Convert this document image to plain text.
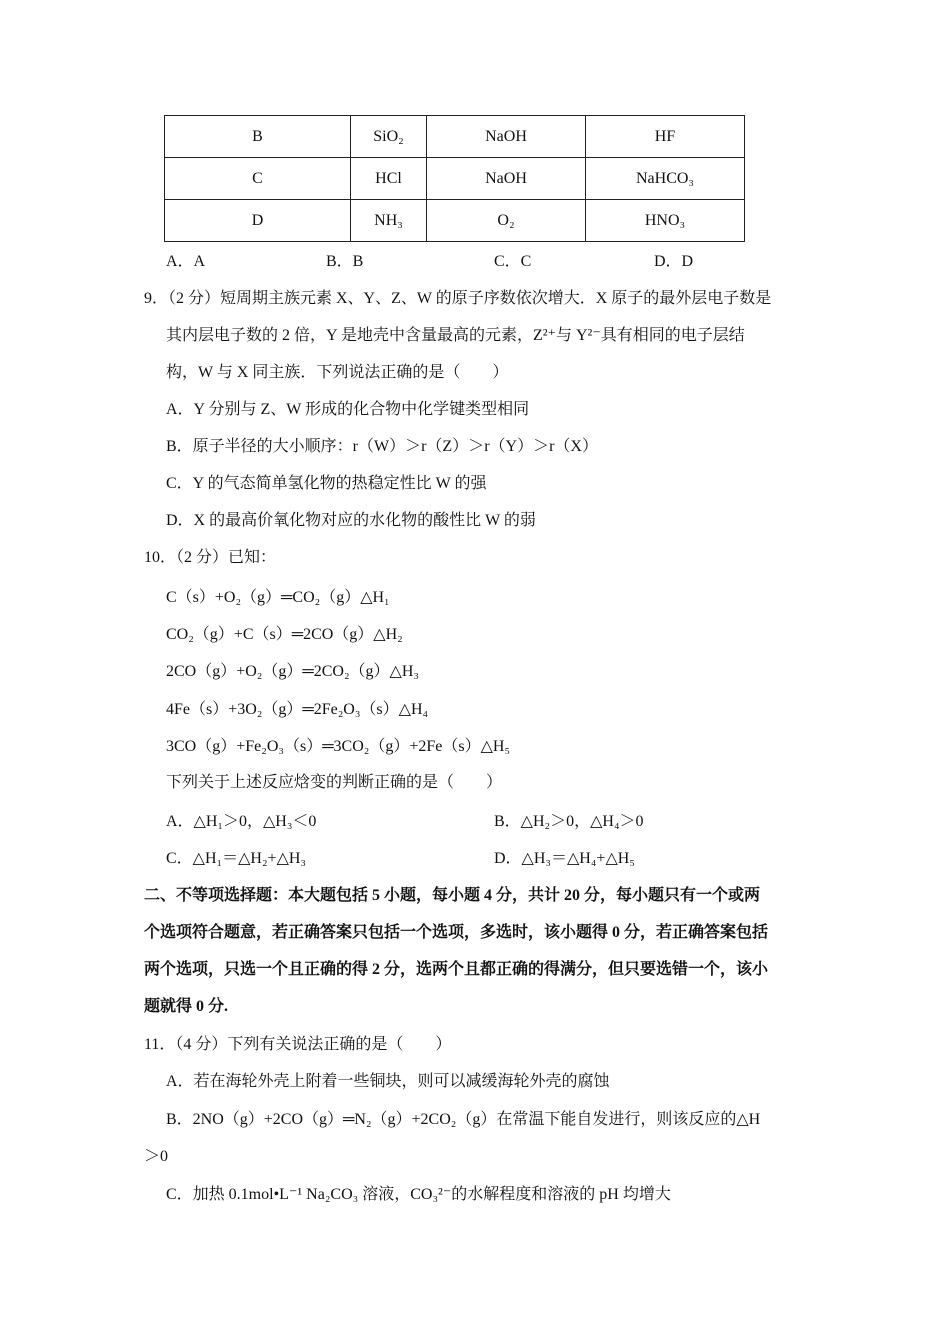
B	SiO₂	NaOH	HF
C	HCl	NaOH	NaHCO₃
D	NH₃	O₂	HNO₃
A．A	B．B	C．C	D．D
9．（2 分）短周期主族元素 X、Y、Z、W 的原子序数依次增大．X 原子的最外层电子数是
其内层电子数的 2 倍，Y 是地壳中含量最高的元素，Z²⁺与 Y²⁻具有相同的电子层结
构，W 与 X 同主族．下列说法正确的是（　　）
A．Y 分别与 Z、W 形成的化合物中化学键类型相同
B．原子半径的大小顺序：r（W）＞r（Z）＞r（Y）＞r（X）
C．Y 的气态简单氢化物的热稳定性比 W 的强
D．X 的最高价氧化物对应的水化物的酸性比 W 的弱
10．（2 分）已知：
C（s）+O₂（g）═CO₂（g）△H₁
CO₂（g）+C（s）═2CO（g）△H₂
2CO（g）+O₂（g）═2CO₂（g）△H₃
4Fe（s）+3O₂（g）═2Fe₂O₃（s）△H₄
3CO（g）+Fe₂O₃（s）═3CO₂（g）+2Fe（s）△H₅
下列关于上述反应焓变的判断正确的是（　　）
A．△H₁＞0，△H₃＜0	B．△H₂＞0，△H₄＞0
C．△H₁＝△H₂+△H₃	D．△H₃＝△H₄+△H₅
二、不等项选择题：本大题包括 5 小题，每小题 4 分，共计 20 分，每小题只有一个或两
个选项符合题意，若正确答案只包括一个选项，多选时，该小题得 0 分，若正确答案包括
两个选项，只选一个且正确的得 2 分，选两个且都正确的得满分，但只要选错一个，该小
题就得 0 分.
11．（4 分）下列有关说法正确的是（　　）
A．若在海轮外壳上附着一些铜块，则可以减缓海轮外壳的腐蚀
B．2NO（g）+2CO（g）═N₂（g）+2CO₂（g）在常温下能自发进行，则该反应的△H
＞0
C．加热 0.1mol•L⁻¹ Na₂CO₃ 溶液，CO₃²⁻的水解程度和溶液的 pH 均增大
